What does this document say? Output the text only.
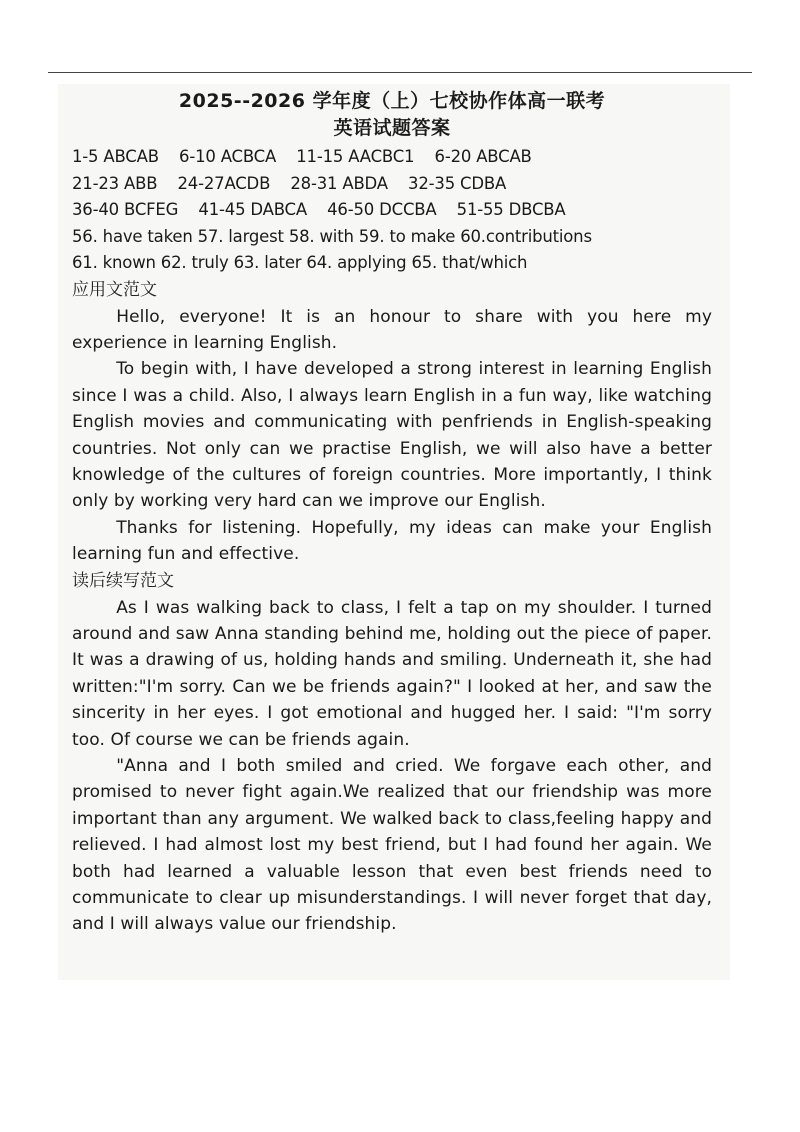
2025--2026 学年度（上）七校协作体高一联考
英语试题答案
1-5 ABCAB    6-10 ACBCA    11-15 AACBC1    6-20 ABCAB
21-23 ABB    24-27ACDB    28-31 ABDA    32-35 CDBA
36-40 BCFEG    41-45 DABCA    46-50 DCCBA    51-55 DBCBA
56. have taken 57. largest 58. with 59. to make 60.contributions
61. known 62. truly 63. later 64. applying 65. that/which
应用文范文

Hello, everyone! It is an honour to share with you here my experience in learning English.

To begin with, I have developed a strong interest in learning English since I was a child. Also, I always learn English in a fun way, like watching English movies and communicating with penfriends in English-speaking countries. Not only can we practise English, we will also have a better knowledge of the cultures of foreign countries. More importantly, I think only by working very hard can we improve our English.

Thanks for listening. Hopefully, my ideas can make your English learning fun and effective.

读后续写范文

As I was walking back to class, I felt a tap on my shoulder. I turned around and saw Anna standing behind me, holding out the piece of paper. It was a drawing of us, holding hands and smiling. Underneath it, she had written:"I'm sorry. Can we be friends again?" I looked at her, and saw the sincerity in her eyes. I got emotional and hugged her. I said: "I'm sorry too. Of course we can be friends again.

"Anna and I both smiled and cried. We forgave each other, and promised to never fight again.We realized that our friendship was more important than any argument. We walked back to class,feeling happy and relieved. I had almost lost my best friend, but I had found her again. We both had learned a valuable lesson that even best friends need to communicate to clear up misunderstandings. I will never forget that day, and I will always value our friendship.
